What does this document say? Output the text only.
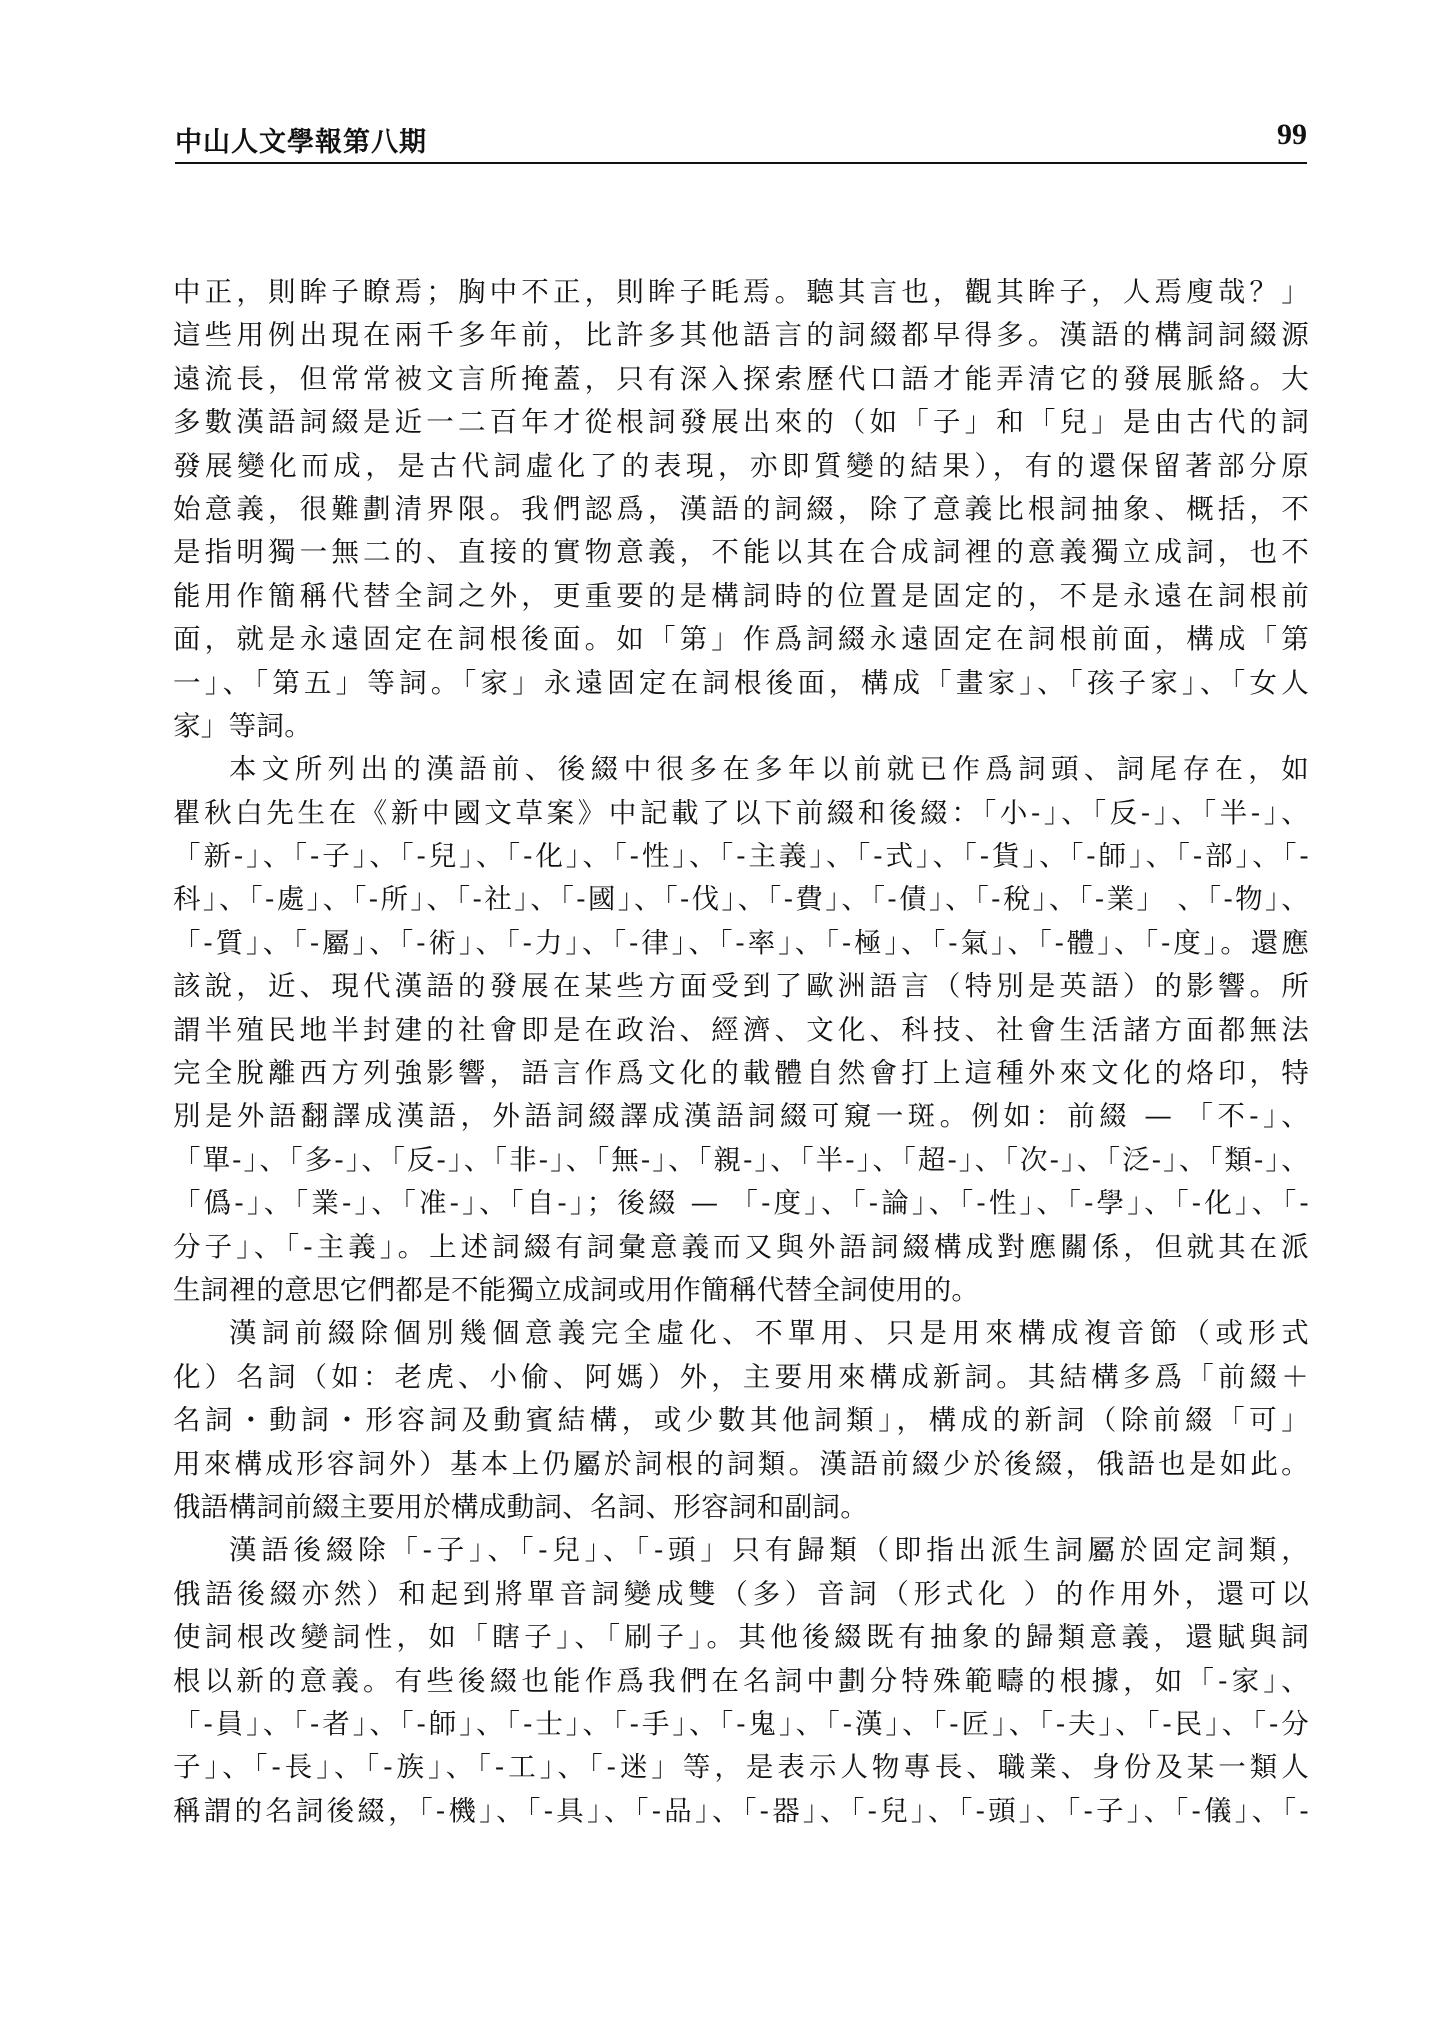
中山人文學報第八期	99
中正，則眸子瞭焉；胸中不正，則眸子眊焉。聽其言也，觀其眸子，人焉廋哉？」
這些用例出現在兩千多年前，比許多其他語言的詞綴都早得多。漢語的構詞詞綴源
遠流長，但常常被文言所掩蓋，只有深入探索歷代口語才能弄清它的發展脈絡。大
多數漢語詞綴是近一二百年才從根詞發展出來的（如「子」和「兒」是由古代的詞
發展變化而成，是古代詞虛化了的表現，亦即質變的結果），有的還保留著部分原
始意義，很難劃清界限。我們認爲，漢語的詞綴，除了意義比根詞抽象、概括，不
是指明獨一無二的、直接的實物意義，不能以其在合成詞裡的意義獨立成詞，也不
能用作簡稱代替全詞之外，更重要的是構詞時的位置是固定的，不是永遠在詞根前
面，就是永遠固定在詞根後面。如「第」作爲詞綴永遠固定在詞根前面，構成「第
一」、「第五」等詞。「家」永遠固定在詞根後面，構成「畫家」、「孩子家」、「女人
家」等詞。
本文所列出的漢語前、後綴中很多在多年以前就已作爲詞頭、詞尾存在，如
瞿秋白先生在《新中國文草案》中記載了以下前綴和後綴：「小-」、「反-」、「半-」、
「新-」、「-子」、「-兒」、「-化」、「-性」、「-主義」、「-式」、「-貨」、「-師」、「-部」、「-
科」、「-處」、「-所」、「-社」、「-國」、「-伐」、「-費」、「-債」、「-稅」、「-業」 、「-物」、
「-質」、「-屬」、「-術」、「-力」、「-律」、「-率」、「-極」、「-氣」、「-體」、「-度」。還應
該說，近、現代漢語的發展在某些方面受到了歐洲語言（特別是英語）的影響。所
謂半殖民地半封建的社會即是在政治、經濟、文化、科技、社會生活諸方面都無法
完全脫離西方列強影響，語言作爲文化的載體自然會打上這種外來文化的烙印，特
別是外語翻譯成漢語，外語詞綴譯成漢語詞綴可窺一斑。例如：前綴 — 「不-」、
「單-」、「多-」、「反-」、「非-」、「無-」、「親-」、「半-」、「超-」、「次-」、「泛-」、「類-」、
「僞-」、「業-」、「准-」、「自-」；後綴 — 「-度」、「-論」、「-性」、「-學」、「-化」、「-
分子」、「-主義」。上述詞綴有詞彙意義而又與外語詞綴構成對應關係，但就其在派
生詞裡的意思它們都是不能獨立成詞或用作簡稱代替全詞使用的。
漢詞前綴除個別幾個意義完全虛化、不單用、只是用來構成複音節（或形式
化）名詞（如：老虎、小偷、阿媽）外，主要用來構成新詞。其結構多爲「前綴＋
名詞・動詞・形容詞及動賓結構，或少數其他詞類」，構成的新詞（除前綴「可」
用來構成形容詞外）基本上仍屬於詞根的詞類。漢語前綴少於後綴，俄語也是如此。
俄語構詞前綴主要用於構成動詞、名詞、形容詞和副詞。
漢語後綴除「-子」、「-兒」、「-頭」只有歸類（即指出派生詞屬於固定詞類，
俄語後綴亦然）和起到將單音詞變成雙（多）音詞（形式化 ）的作用外，還可以
使詞根改變詞性，如「瞎子」、「刷子」。其他後綴既有抽象的歸類意義，還賦與詞
根以新的意義。有些後綴也能作爲我們在名詞中劃分特殊範疇的根據，如「-家」、
「-員」、「-者」、「-師」、「-士」、「-手」、「-鬼」、「-漢」、「-匠」、「-夫」、「-民」、「-分
子」、「-長」、「-族」、「-工」、「-迷」等，是表示人物專長、職業、身份及某一類人
稱謂的名詞後綴，「-機」、「-具」、「-品」、「-器」、「-兒」、「-頭」、「-子」、「-儀」、「-
